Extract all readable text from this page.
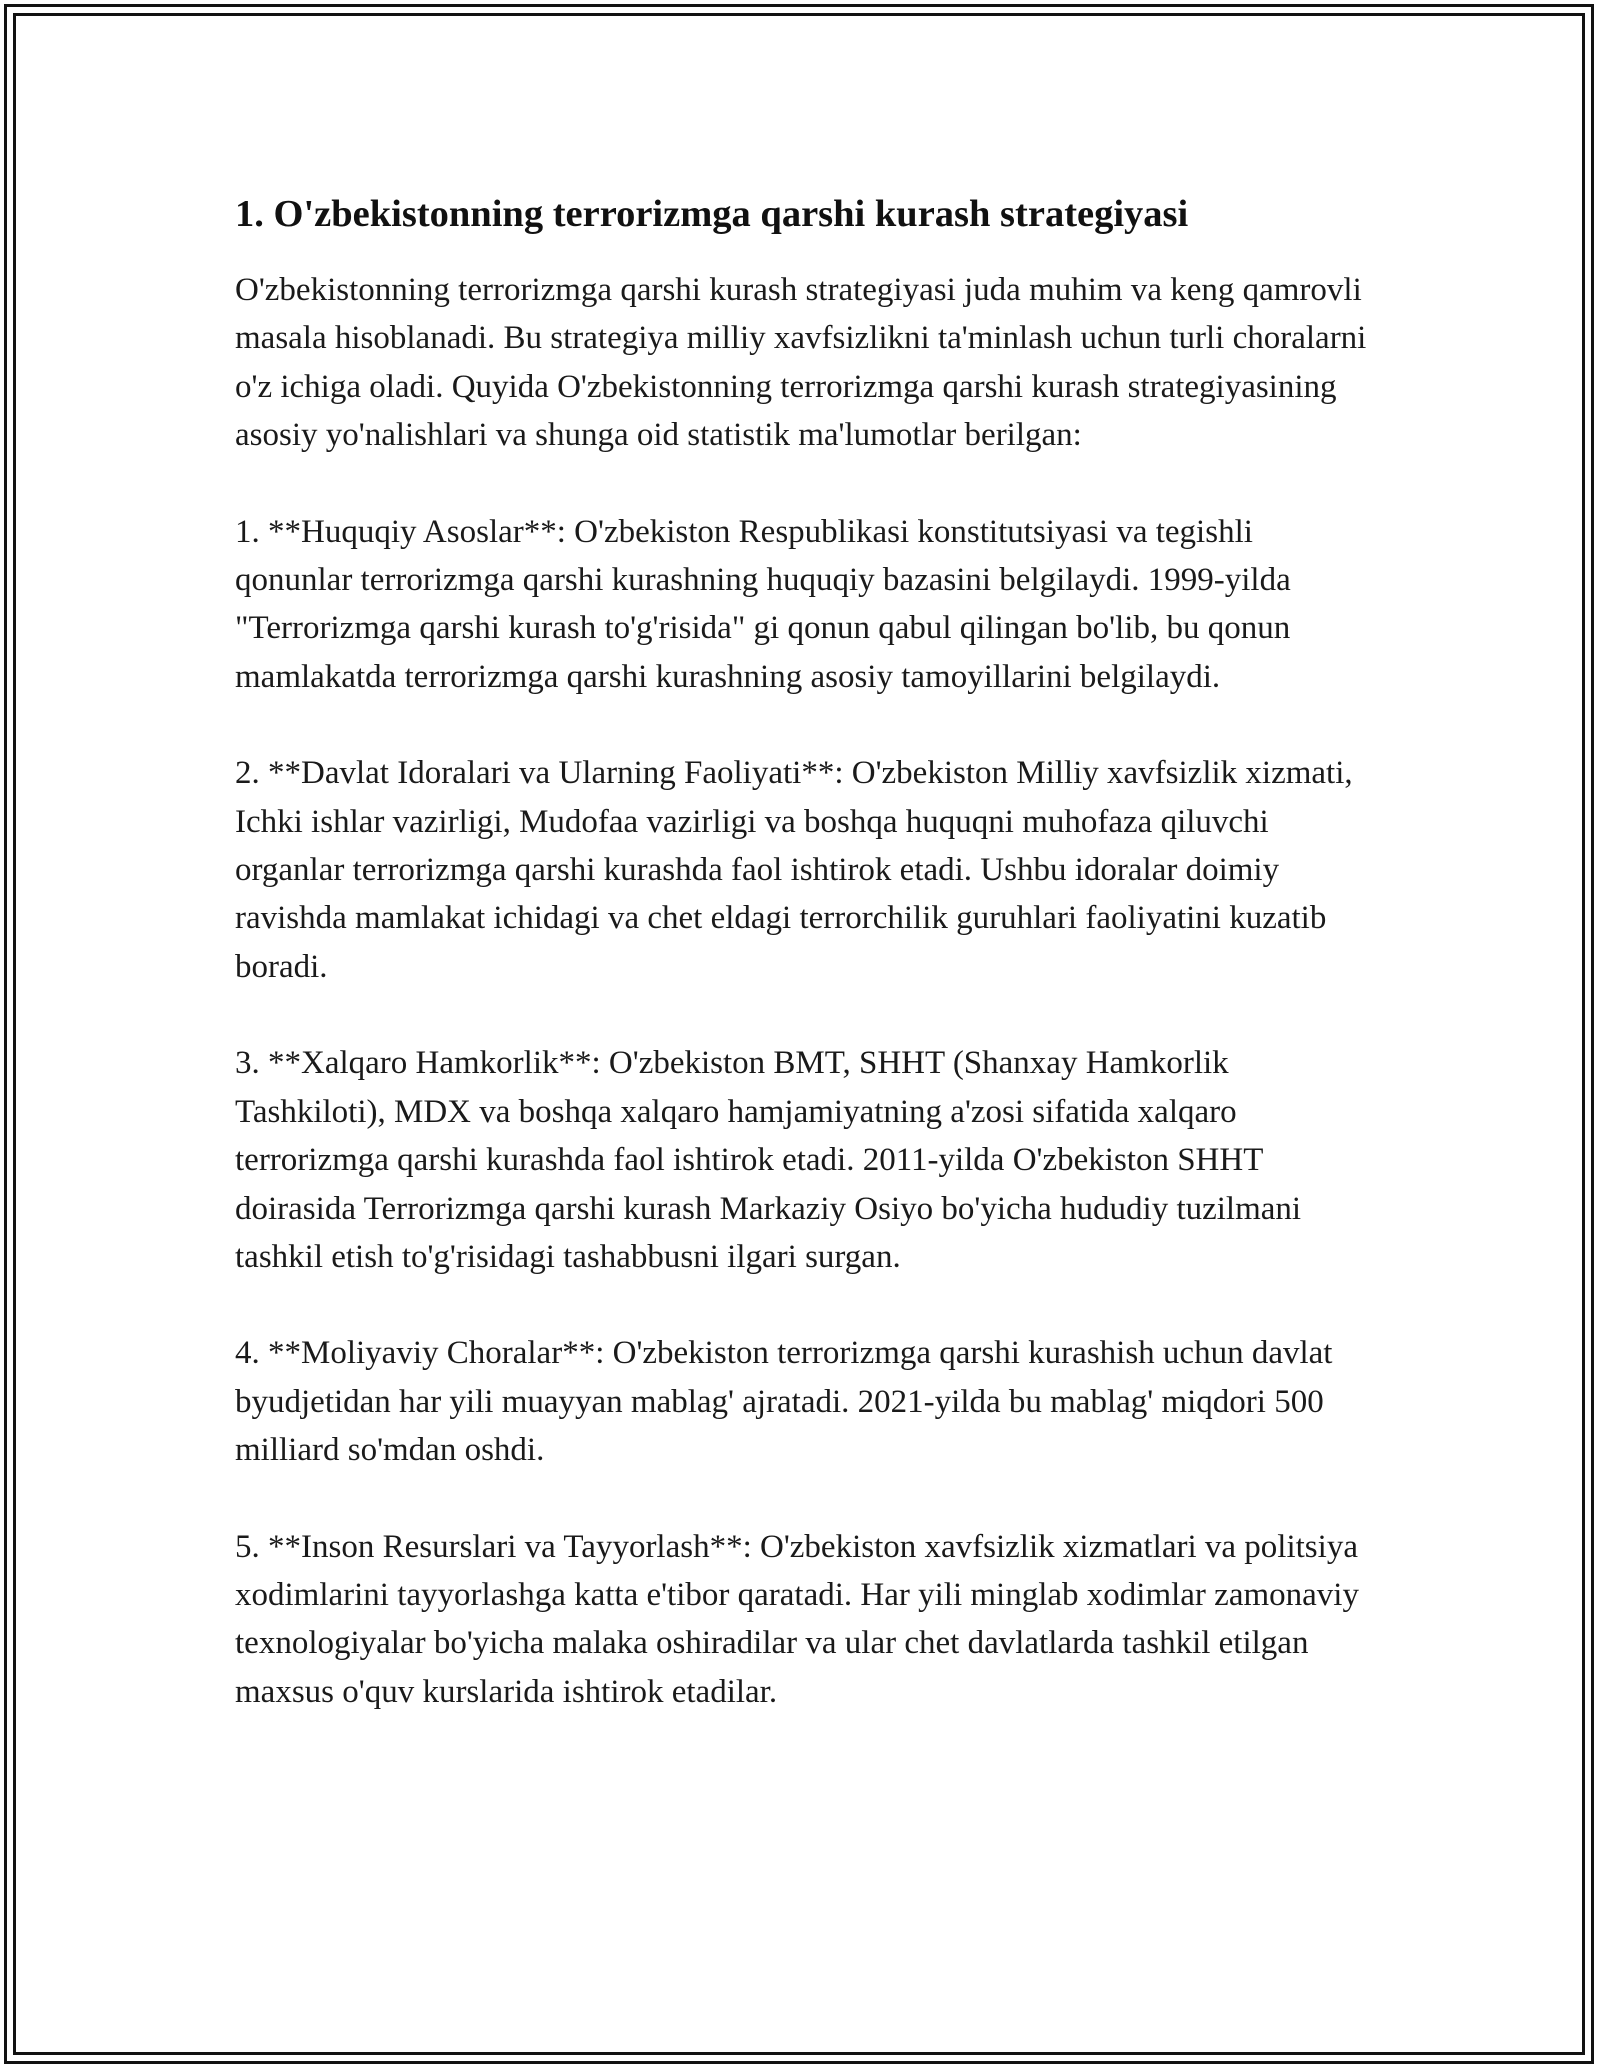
1. O'zbekistonning terrorizmga qarshi kurash strategiyasi

O'zbekistonning terrorizmga qarshi kurash strategiyasi juda muhim va keng qamrovli masala hisoblanadi. Bu strategiya milliy xavfsizlikni ta'minlash uchun turli choralarni o'z ichiga oladi. Quyida O'zbekistonning terrorizmga qarshi kurash strategiyasining asosiy yo'nalishlari va shunga oid statistik ma'lumotlar berilgan:

1. **Huquqiy Asoslar**: O'zbekiston Respublikasi konstitutsiyasi va tegishli qonunlar terrorizmga qarshi kurashning huquqiy bazasini belgilaydi. 1999-yilda "Terrorizmga qarshi kurash to'g'risida" gi qonun qabul qilingan bo'lib, bu qonun mamlakatda terrorizmga qarshi kurashning asosiy tamoyillarini belgilaydi.

2. **Davlat Idoralari va Ularning Faoliyati**: O'zbekiston Milliy xavfsizlik xizmati, Ichki ishlar vazirligi, Mudofaa vazirligi va boshqa huquqni muhofaza qiluvchi organlar terrorizmga qarshi kurashda faol ishtirok etadi. Ushbu idoralar doimiy ravishda mamlakat ichidagi va chet eldagi terrorchilik guruhlari faoliyatini kuzatib boradi.

3. **Xalqaro Hamkorlik**: O'zbekiston BMT, SHHT (Shanxay Hamkorlik Tashkiloti), MDX va boshqa xalqaro hamjamiyatning a'zosi sifatida xalqaro terrorizmga qarshi kurashda faol ishtirok etadi. 2011-yilda O'zbekiston SHHT doirasida Terrorizmga qarshi kurash Markaziy Osiyo bo'yicha hududiy tuzilmani tashkil etish to'g'risidagi tashabbusni ilgari surgan.

4. **Moliyaviy Choralar**: O'zbekiston terrorizmga qarshi kurashish uchun davlat byudjetidan har yili muayyan mablag' ajratadi. 2021-yilda bu mablag' miqdori 500 milliard so'mdan oshdi.

5. **Inson Resurslari va Tayyorlash**: O'zbekiston xavfsizlik xizmatlari va politsiya xodimlarini tayyorlashga katta e'tibor qaratadi. Har yili minglab xodimlar zamonaviy texnologiyalar bo'yicha malaka oshiradilar va ular chet davlatlarda tashkil etilgan maxsus o'quv kurslarida ishtirok etadilar.
